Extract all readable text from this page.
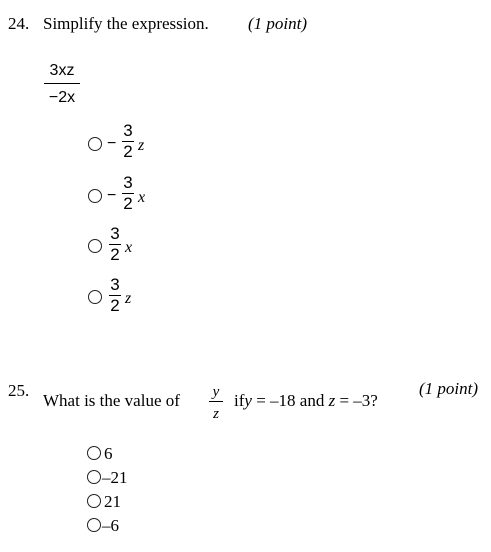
24. Simplify the expression. (1 point)
3xz
−2x
−
3
2 z
−
3
2 x
3
2 x
3
2 z
25.
What is the value of y
z
ify = –18 and z = –3?
(1 point)
6
–21
21
–6
